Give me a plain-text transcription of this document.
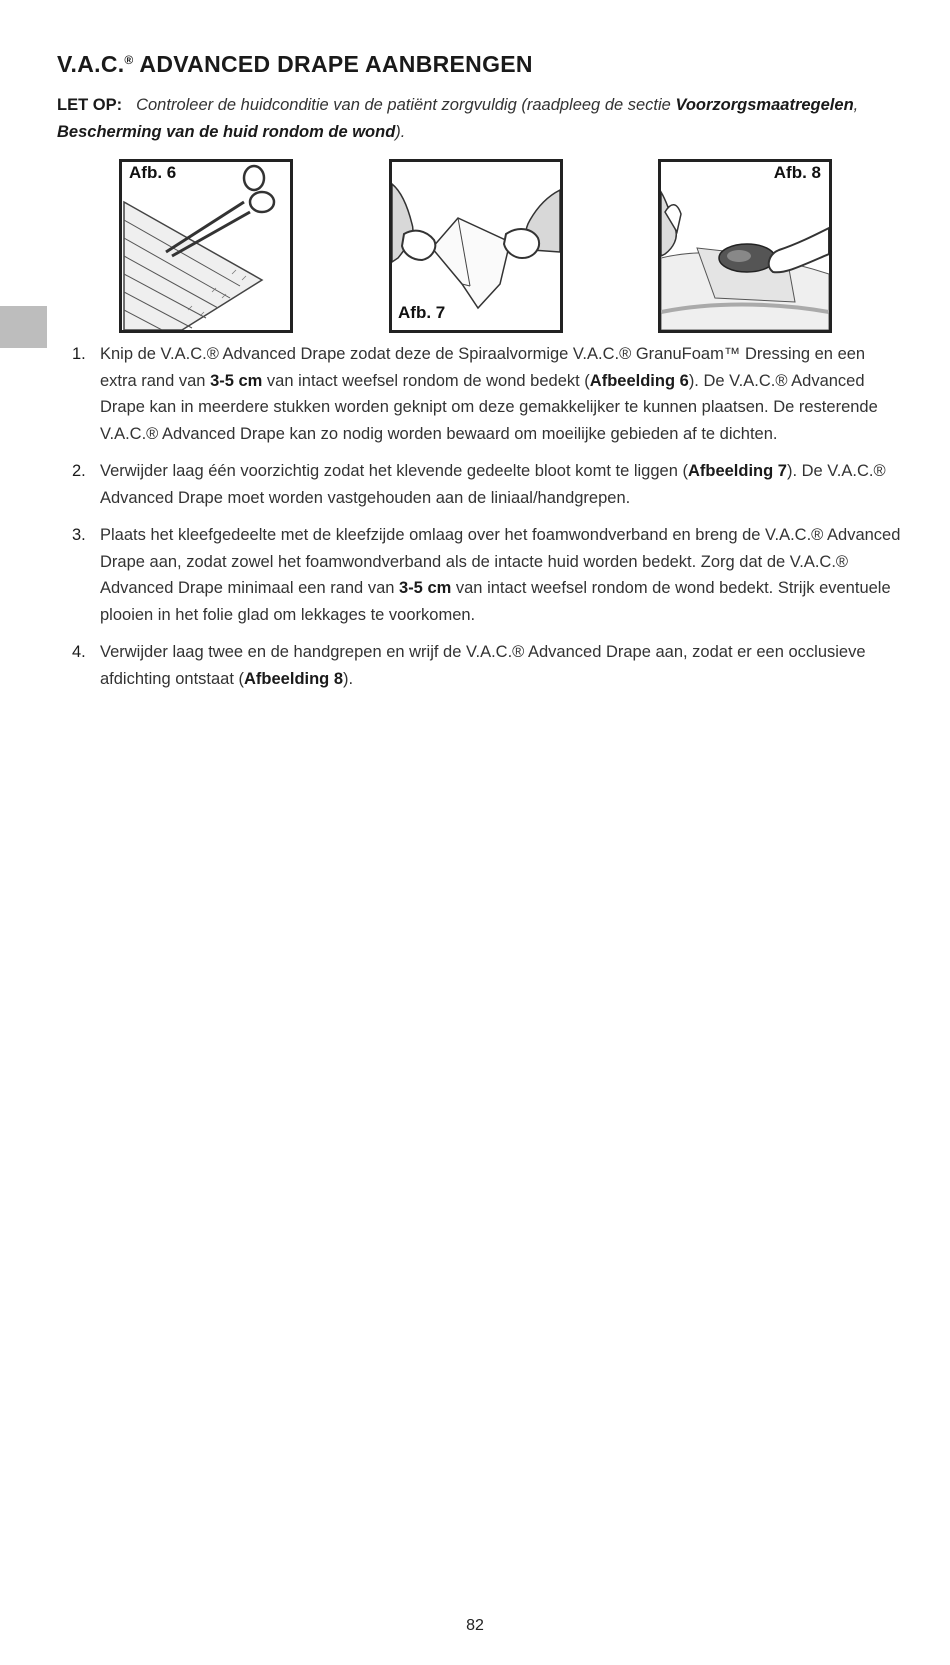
V.A.C.® ADVANCED DRAPE AANBRENGEN
LET OP: Controleer de huidconditie van de patiënt zorgvuldig (raadpleeg de sectie Voorzorgsmaatregelen, Bescherming van de huid rondom de wond).
Afb. 6
Afb. 7
Afb. 8
1. Knip de V.A.C.® Advanced Drape zodat deze de Spiraalvormige V.A.C.® GranuFoam™ Dressing en een extra rand van 3-5 cm van intact weefsel rondom de wond bedekt (Afbeelding 6). De V.A.C.® Advanced Drape kan in meerdere stukken worden geknipt om deze gemakkelijker te kunnen plaatsen. De resterende V.A.C.® Advanced Drape kan zo nodig worden bewaard om moeilijke gebieden af te dichten.
2. Verwijder laag één voorzichtig zodat het klevende gedeelte bloot komt te liggen (Afbeelding 7). De V.A.C.® Advanced Drape moet worden vastgehouden aan de liniaal/handgrepen.
3. Plaats het kleefgedeelte met de kleefzijde omlaag over het foamwondverband en breng de V.A.C.® Advanced Drape aan, zodat zowel het foamwondverband als de intacte huid worden bedekt. Zorg dat de V.A.C.® Advanced Drape minimaal een rand van 3-5 cm van intact weefsel rondom de wond bedekt. Strijk eventuele plooien in het folie glad om lekkages te voorkomen.
4. Verwijder laag twee en de handgrepen en wrijf de V.A.C.® Advanced Drape aan, zodat er een occlusieve afdichting ontstaat (Afbeelding 8).
82
